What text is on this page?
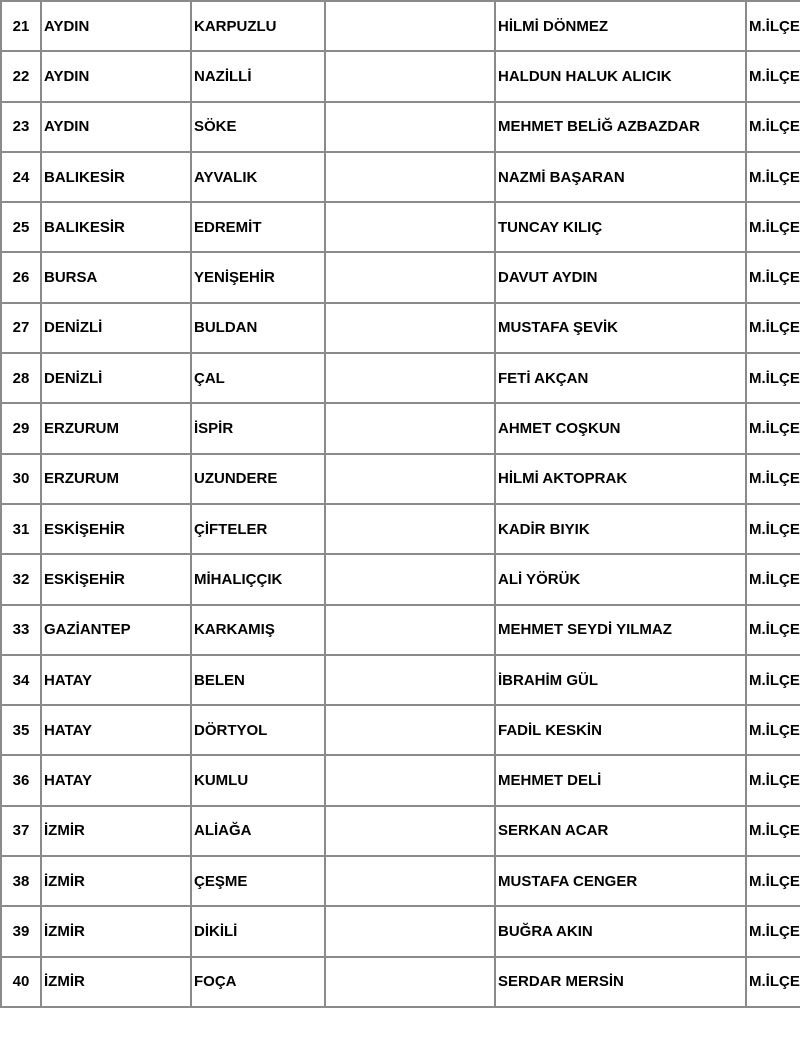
21	AYDIN	KARPUZLU		HİLMİ DÖNMEZ	M.İLÇE
22	AYDIN	NAZİLLİ		HALDUN HALUK ALICIK	M.İLÇE
23	AYDIN	SÖKE		MEHMET BELİĞ AZBAZDAR	M.İLÇE
24	BALIKESİR	AYVALIK		NAZMİ BAŞARAN	M.İLÇE
25	BALIKESİR	EDREMİT		TUNCAY KILIÇ	M.İLÇE
26	BURSA	YENİŞEHİR		DAVUT AYDIN	M.İLÇE
27	DENİZLİ	BULDAN		MUSTAFA ŞEVİK	M.İLÇE
28	DENİZLİ	ÇAL		FETİ AKÇAN	M.İLÇE
29	ERZURUM	İSPİR		AHMET COŞKUN	M.İLÇE
30	ERZURUM	UZUNDERE		HİLMİ AKTOPRAK	M.İLÇE
31	ESKİŞEHİR	ÇİFTELER		KADİR BIYIK	M.İLÇE
32	ESKİŞEHİR	MİHALIÇÇIK		ALİ YÖRÜK	M.İLÇE
33	GAZİANTEP	KARKAMIŞ		MEHMET SEYDİ YILMAZ	M.İLÇE
34	HATAY	BELEN		İBRAHİM GÜL	M.İLÇE
35	HATAY	DÖRTYOL		FADİL KESKİN	M.İLÇE
36	HATAY	KUMLU		MEHMET DELİ	M.İLÇE
37	İZMİR	ALİAĞA		SERKAN ACAR	M.İLÇE
38	İZMİR	ÇEŞME		MUSTAFA CENGER	M.İLÇE
39	İZMİR	DİKİLİ		BUĞRA AKIN	M.İLÇE
40	İZMİR	FOÇA		SERDAR MERSİN	M.İLÇE
